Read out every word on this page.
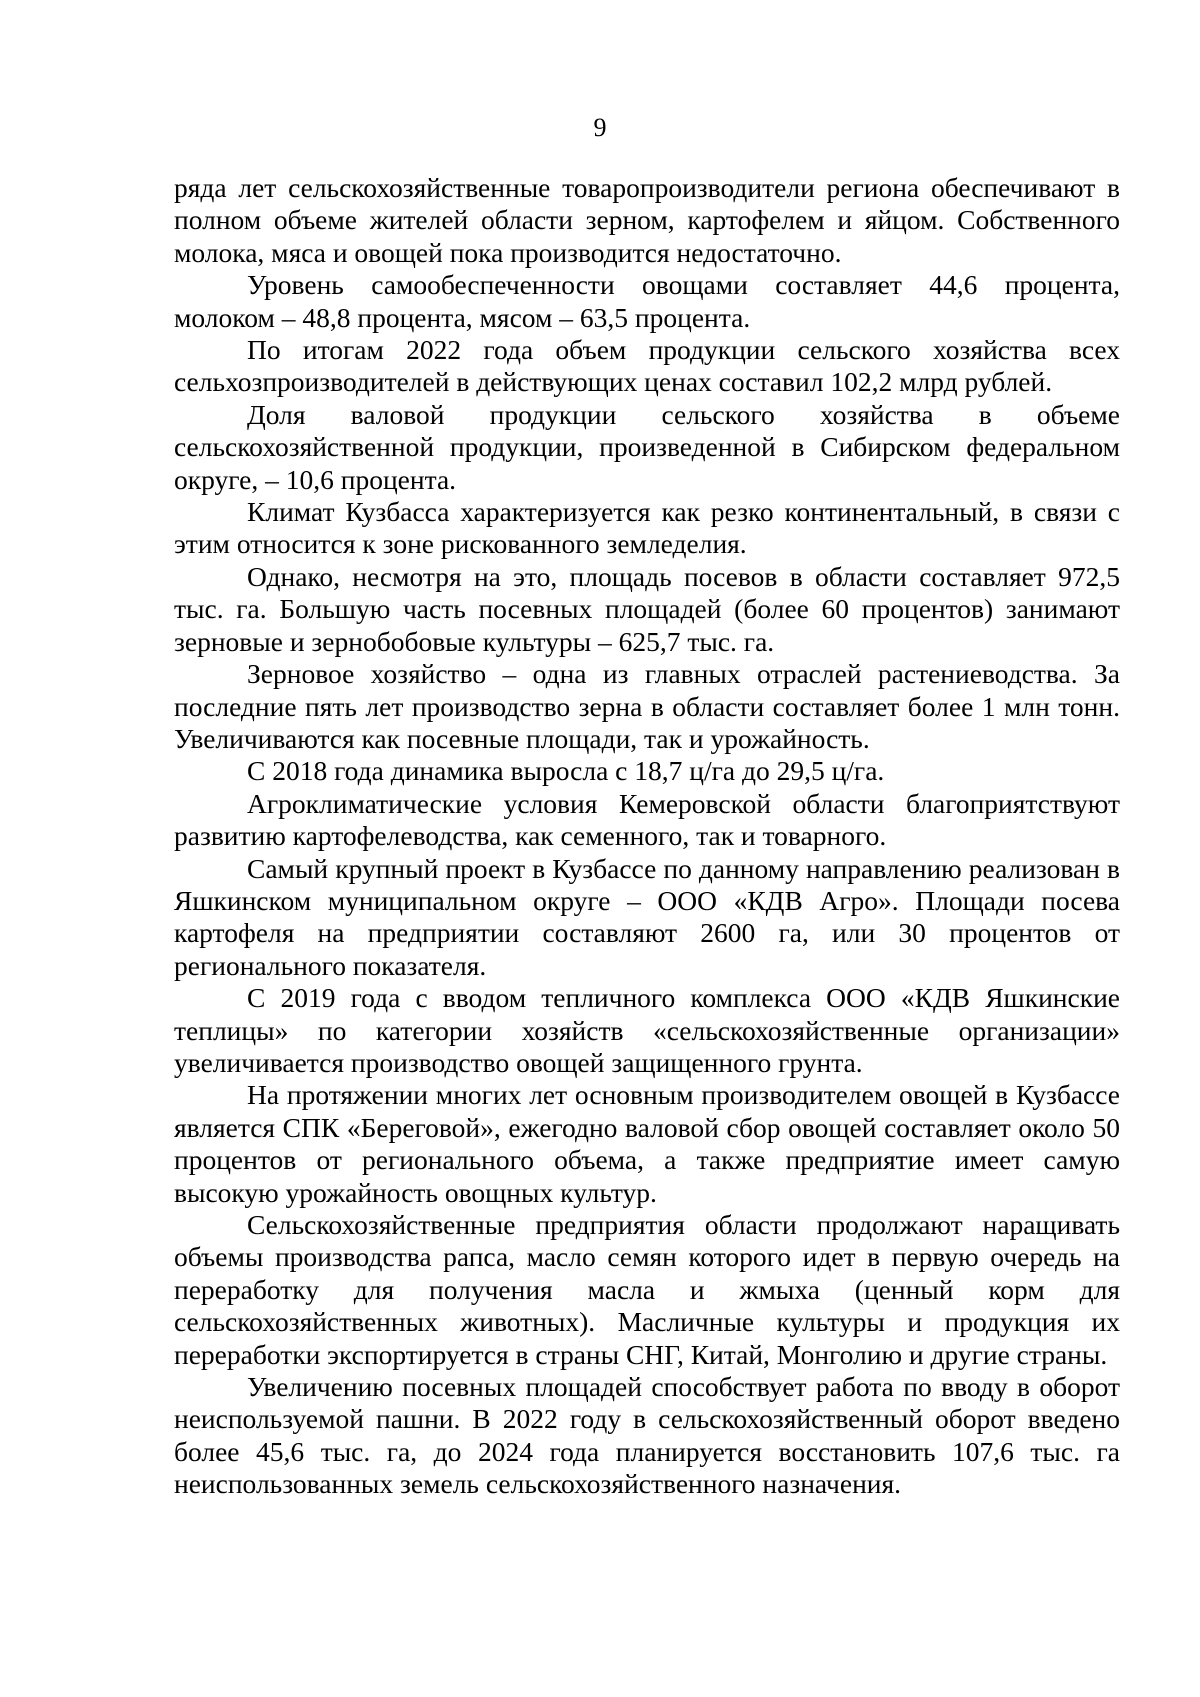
9

ряда лет сельскохозяйственные товаропроизводители региона обеспечивают в полном объеме жителей области зерном, картофелем и яйцом. Собственного молока, мяса и овощей пока производится недостаточно.

Уровень самообеспеченности овощами составляет 44,6 процента, молоком – 48,8 процента, мясом – 63,5 процента.

По итогам 2022 года объем продукции сельского хозяйства всех сельхозпроизводителей в действующих ценах составил 102,2 млрд рублей.

Доля валовой продукции сельского хозяйства в объеме сельскохозяйственной продукции, произведенной в Сибирском федеральном округе, – 10,6 процента.

Климат Кузбасса характеризуется как резко континентальный, в связи с этим относится к зоне рискованного земледелия.

Однако, несмотря на это, площадь посевов в области составляет 972,5 тыс. га. Большую часть посевных площадей (более 60 процентов) занимают зерновые и зернобобовые культуры – 625,7 тыс. га.

Зерновое хозяйство – одна из главных отраслей растениеводства. За последние пять лет производство зерна в области составляет более 1 млн тонн. Увеличиваются как посевные площади, так и урожайность.

С 2018 года динамика выросла с 18,7 ц/га до 29,5 ц/га.

Агроклиматические условия Кемеровской области благоприятствуют развитию картофелеводства, как семенного, так и товарного.

Самый крупный проект в Кузбассе по данному направлению реализован в Яшкинском муниципальном округе – ООО «КДВ Агро». Площади посева картофеля на предприятии составляют 2600 га, или 30 процентов от регионального показателя.

С 2019 года с вводом тепличного комплекса ООО «КДВ Яшкинские теплицы» по категории хозяйств «сельскохозяйственные организации» увеличивается производство овощей защищенного грунта.

На протяжении многих лет основным производителем овощей в Кузбассе является СПК «Береговой», ежегодно валовой сбор овощей составляет около 50 процентов от регионального объема, а также предприятие имеет самую высокую урожайность овощных культур.

Сельскохозяйственные предприятия области продолжают наращивать объемы производства рапса, масло семян которого идет в первую очередь на переработку для получения масла и жмыха (ценный корм для сельскохозяйственных животных). Масличные культуры и продукция их переработки экспортируется в страны СНГ, Китай, Монголию и другие страны.

Увеличению посевных площадей способствует работа по вводу в оборот неиспользуемой пашни. В 2022 году в сельскохозяйственный оборот введено более 45,6 тыс. га, до 2024 года планируется восстановить 107,6 тыс. га неиспользованных земель сельскохозяйственного назначения.
